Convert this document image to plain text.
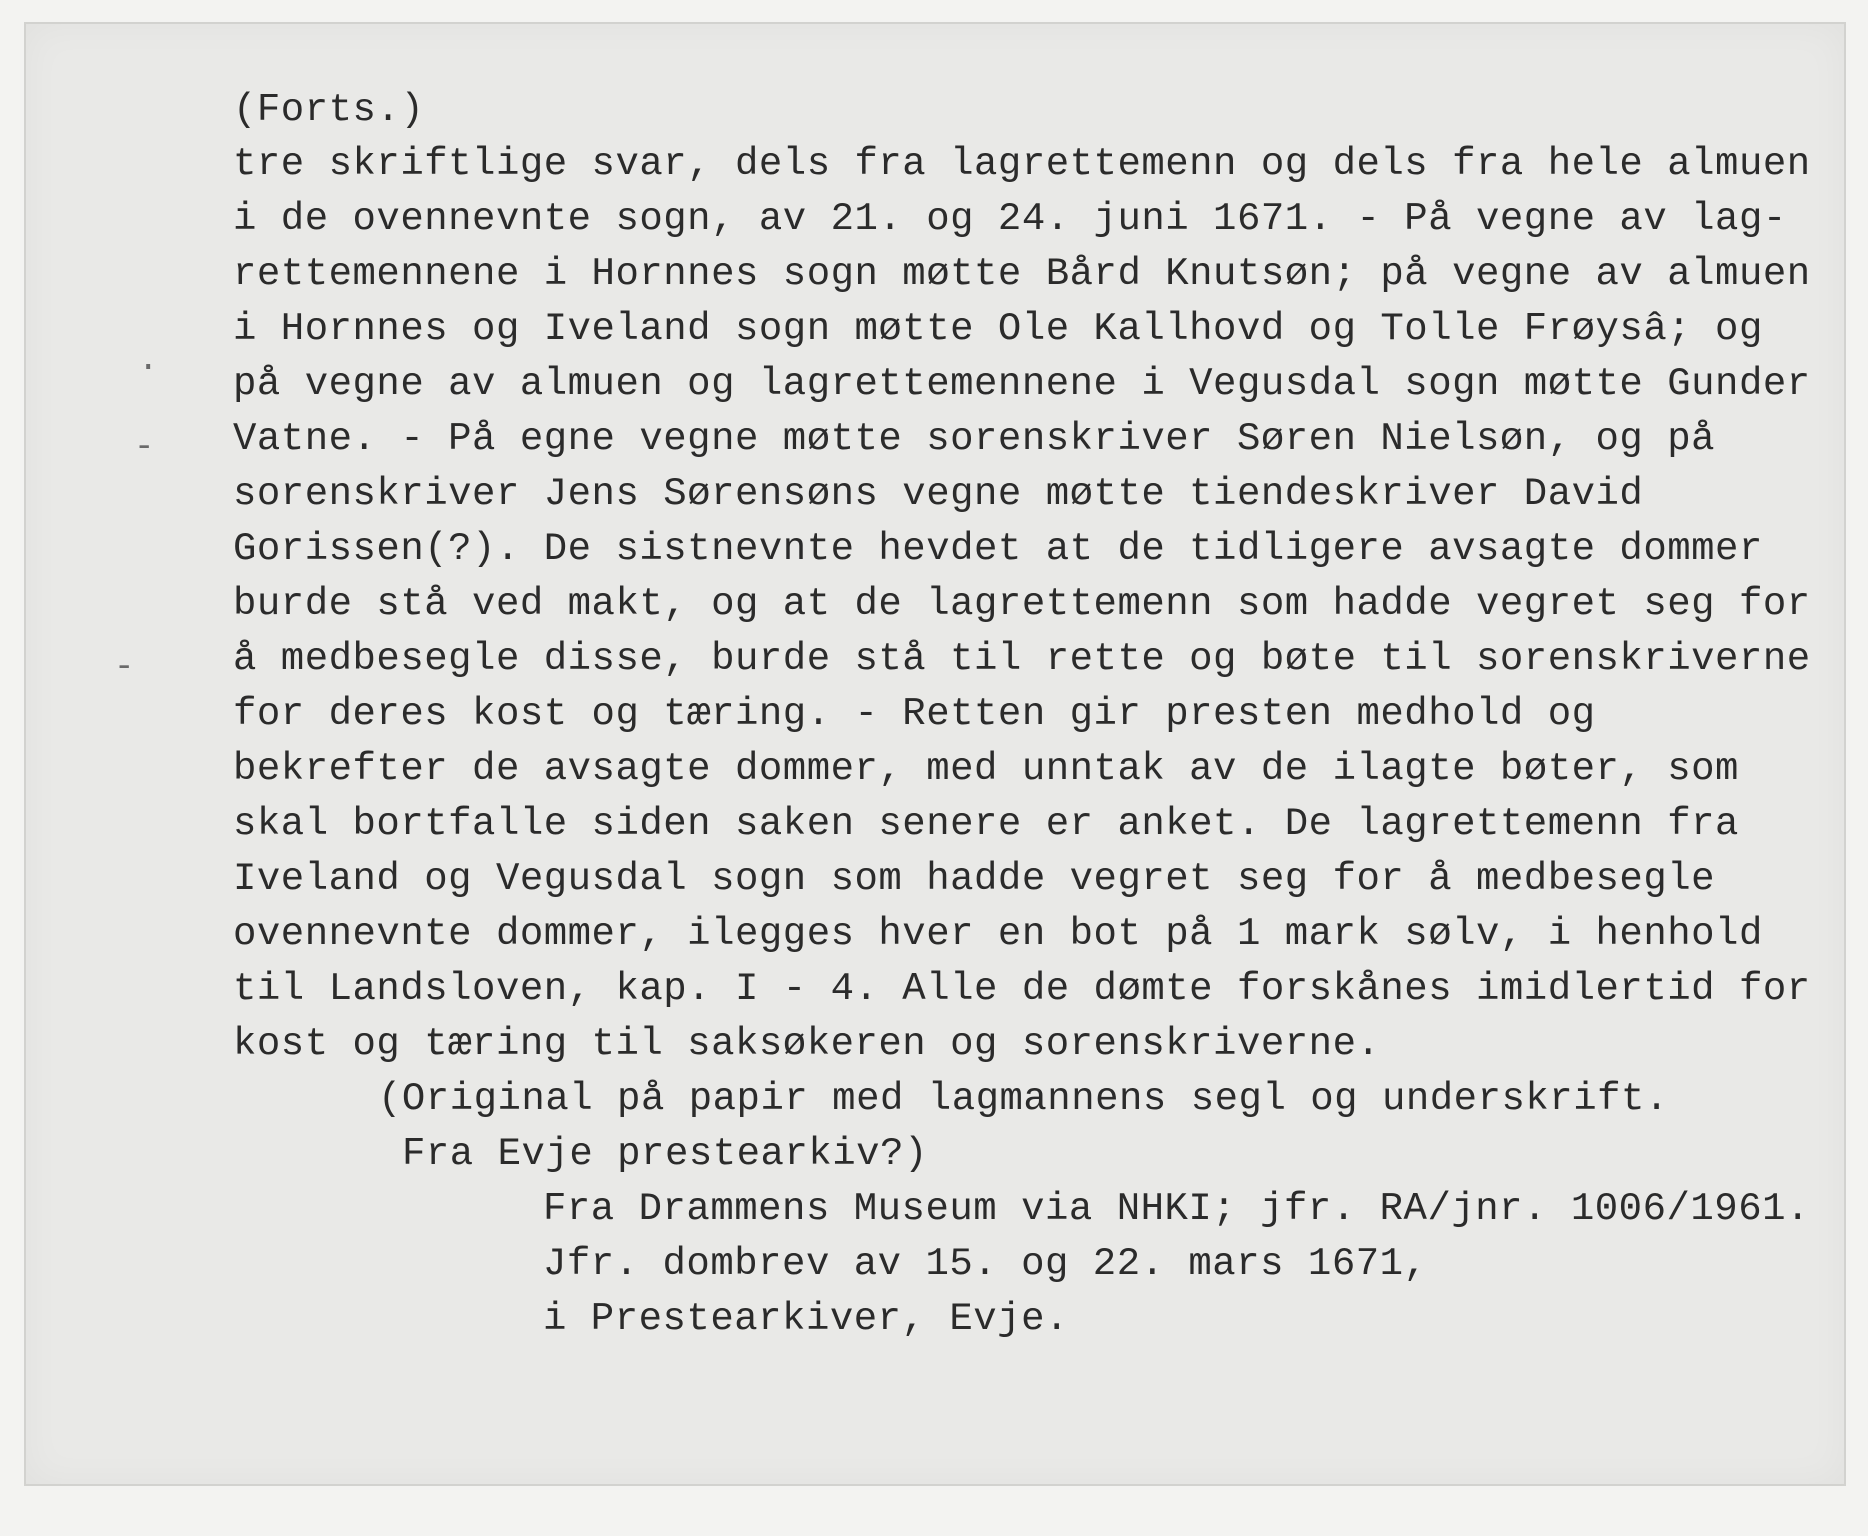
(Forts.)
tre skriftlige svar, dels fra lagrettemenn og dels fra hele almuen
i de ovennevnte sogn, av 21. og 24. juni 1671. - På vegne av lag-
rettemennene i Hornnes sogn møtte Bård Knutsøn; på vegne av almuen
i Hornnes og Iveland sogn møtte Ole Kallhovd og Tolle Frøysâ; og
på vegne av almuen og lagrettemennene i Vegusdal sogn møtte Gunder
Vatne. - På egne vegne møtte sorenskriver Søren Nielsøn, og på
sorenskriver Jens Sørensøns vegne møtte tiendeskriver David
Gorissen(?). De sistnevnte hevdet at de tidligere avsagte dommer
burde stå ved makt, og at de lagrettemenn som hadde vegret seg for
å medbesegle disse, burde stå til rette og bøte til sorenskriverne
for deres kost og tæring. - Retten gir presten medhold og
bekrefter de avsagte dommer, med unntak av de ilagte bøter, som
skal bortfalle siden saken senere er anket. De lagrettemenn fra
Iveland og Vegusdal sogn som hadde vegret seg for å medbesegle
ovennevnte dommer, ilegges hver en bot på 1 mark sølv, i henhold
til Landsloven, kap. I - 4. Alle de dømte forskånes imidlertid for
kost og tæring til saksøkeren og sorenskriverne.
(Original på papir med lagmannens segl og underskrift.
Fra Evje prestearkiv?)
Fra Drammens Museum via NHKI; jfr. RA/jnr. 1006/1961.
Jfr. dombrev av 15. og 22. mars 1671,
i Prestearkiver, Evje.
-
-
.
